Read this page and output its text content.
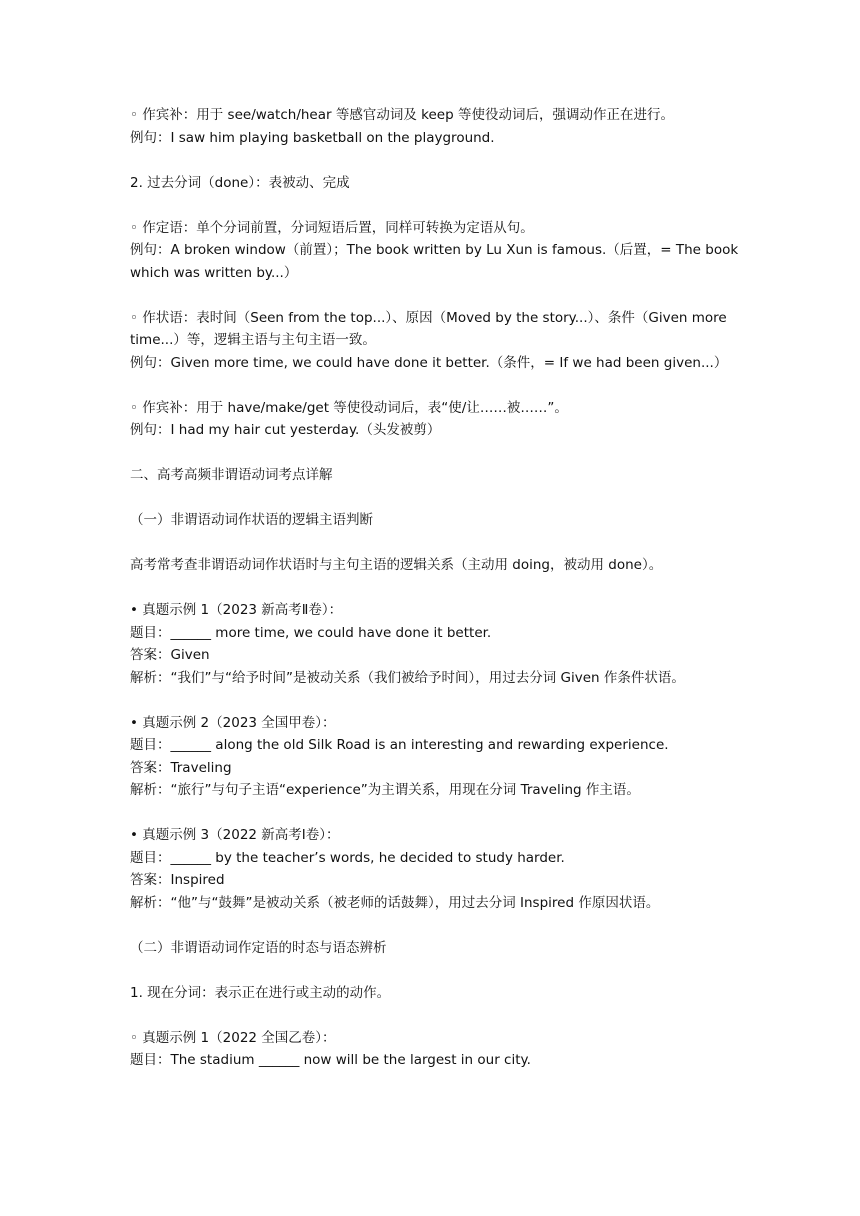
◦ 作宾补：用于 see/watch/hear 等感官动词及 keep 等使役动词后，强调动作正在进行。
例句：I saw him playing basketball on the playground.
2. 过去分词（done）：表被动、完成
◦ 作定语：单个分词前置，分词短语后置，同样可转换为定语从句。
例句：A broken window（前置）；The book written by Lu Xun is famous.（后置，= The book which was written by...）
◦ 作状语：表时间（Seen from the top...）、原因（Moved by the story...）、条件（Given more time...）等，逻辑主语与主句主语一致。
例句：Given more time, we could have done it better.（条件，= If we had been given...）
◦ 作宾补：用于 have/make/get 等使役动词后，表“使/让……被……”。
例句：I had my hair cut yesterday.（头发被剪）
二、高考高频非谓语动词考点详解
（一）非谓语动词作状语的逻辑主语判断
高考常考查非谓语动词作状语时与主句主语的逻辑关系（主动用 doing，被动用 done）。
• 真题示例 1（2023 新高考Ⅱ卷）：
题目：______ more time, we could have done it better.
答案：Given
解析：“我们”与“给予时间”是被动关系（我们被给予时间），用过去分词 Given 作条件状语。
• 真题示例 2（2023 全国甲卷）：
题目：______ along the old Silk Road is an interesting and rewarding experience.
答案：Traveling
解析：“旅行”与句子主语“experience”为主谓关系，用现在分词 Traveling 作主语。
• 真题示例 3（2022 新高考Ⅰ卷）：
题目：______ by the teacher’s words, he decided to study harder.
答案：Inspired
解析：“他”与“鼓舞”是被动关系（被老师的话鼓舞），用过去分词 Inspired 作原因状语。
（二）非谓语动词作定语的时态与语态辨析
1. 现在分词：表示正在进行或主动的动作。
◦ 真题示例 1（2022 全国乙卷）：
题目：The stadium ______ now will be the largest in our city.
